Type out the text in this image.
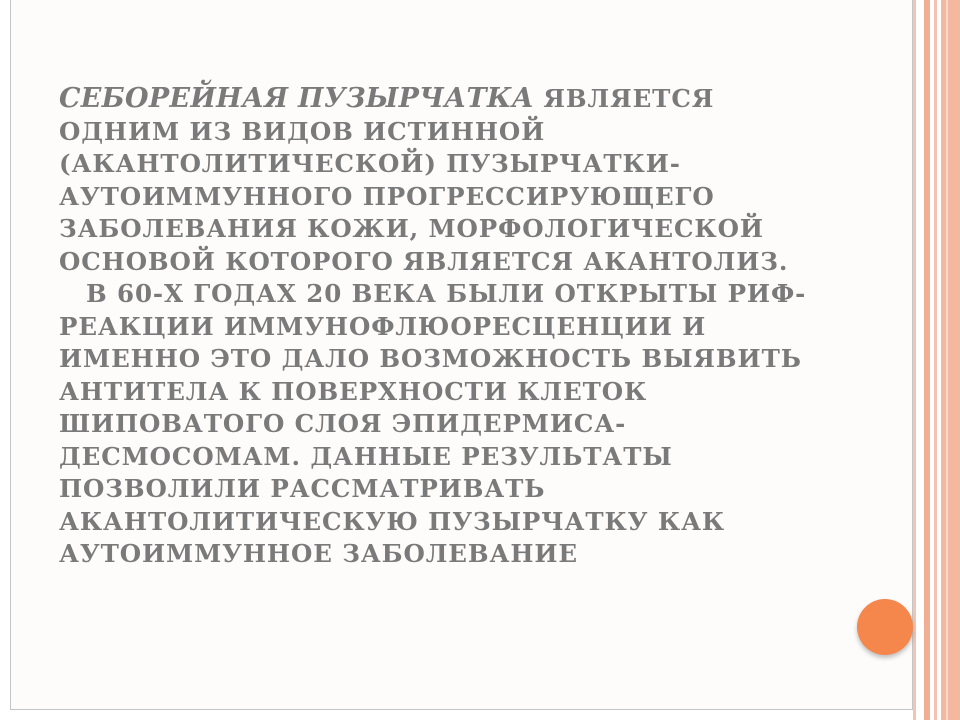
СЕБОРЕЙНАЯ ПУЗЫРЧАТКА ЯВЛЯЕТСЯ
ОДНИМ ИЗ ВИДОВ ИСТИННОЙ
(АКАНТОЛИТИЧЕСКОЙ) ПУЗЫРЧАТКИ-
АУТОИММУННОГО ПРОГРЕССИРУЮЩЕГО
ЗАБОЛЕВАНИЯ КОЖИ, МОРФОЛОГИЧЕСКОЙ
ОСНОВОЙ КОТОРОГО ЯВЛЯЕТСЯ АКАНТОЛИЗ.
В 60-Х ГОДАХ 20 ВЕКА БЫЛИ ОТКРЫТЫ РИФ-
РЕАКЦИИ ИММУНОФЛЮОРЕСЦЕНЦИИ И
ИМЕННО ЭТО ДАЛО ВОЗМОЖНОСТЬ ВЫЯВИТЬ
АНТИТЕЛА К ПОВЕРХНОСТИ КЛЕТОК
ШИПОВАТОГО СЛОЯ ЭПИДЕРМИСА-
ДЕСМОСОМАМ. ДАННЫЕ РЕЗУЛЬТАТЫ
ПОЗВОЛИЛИ РАССМАТРИВАТЬ
АКАНТОЛИТИЧЕСКУЮ ПУЗЫРЧАТКУ КАК
АУТОИММУННОЕ ЗАБОЛЕВАНИЕ
